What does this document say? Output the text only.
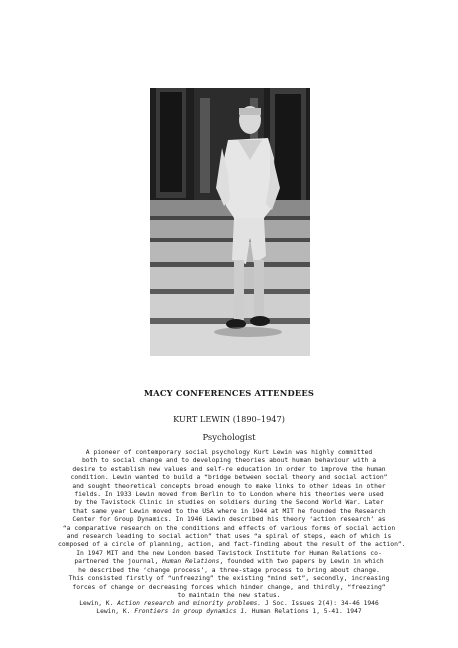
MACY CONFERENCES ATTENDEES
KURT LEWIN (1890–1947)
Psychologist
A pioneer of contemporary social psychology Kurt Lewin was highly committed
both to social change and to developing theories about human behaviour with a
desire to establish new values and self-re education in order to improve the human
condition. Lewin wanted to build a “bridge between social theory and social action”
and sought theoretical concepts broad enough to make links to other ideas in other
fields. In 1933 Lewin moved from Berlin to to London where his theories were used
by the Tavistock Clinic in studies on soldiers during the Second World War. Later
that same year Lewin moved to the USA where in 1944 at MIT he founded the Research
Center for Group Dynamics. In 1946 Lewin described his theory ‘action research’ as
“a comparative research on the conditions and effects of various forms of social action
and research leading to social action” that uses “a spiral of steps, each of which is
composed of a circle of planning, action, and fact-finding about the result of the action”.
In 1947 MIT and the new London based Tavistock Institute for Human Relations co-
partnered the journal, Human Relations, founded with two papers by Lewin in which
he described the ‘change process’, a three-stage process to bring about change.
This consisted firstly of “unfreezing” the existing “mind set”, secondly, increasing
forces of change or decreasing forces which hinder change, and thirdly, “freezing”
to maintain the new status.
Lewin, K. Action research and minority problems. J Soc. Issues 2(4): 34-46 1946
Lewin, K. Frontiers in group dynamics 1. Human Relations 1, 5-41. 1947
